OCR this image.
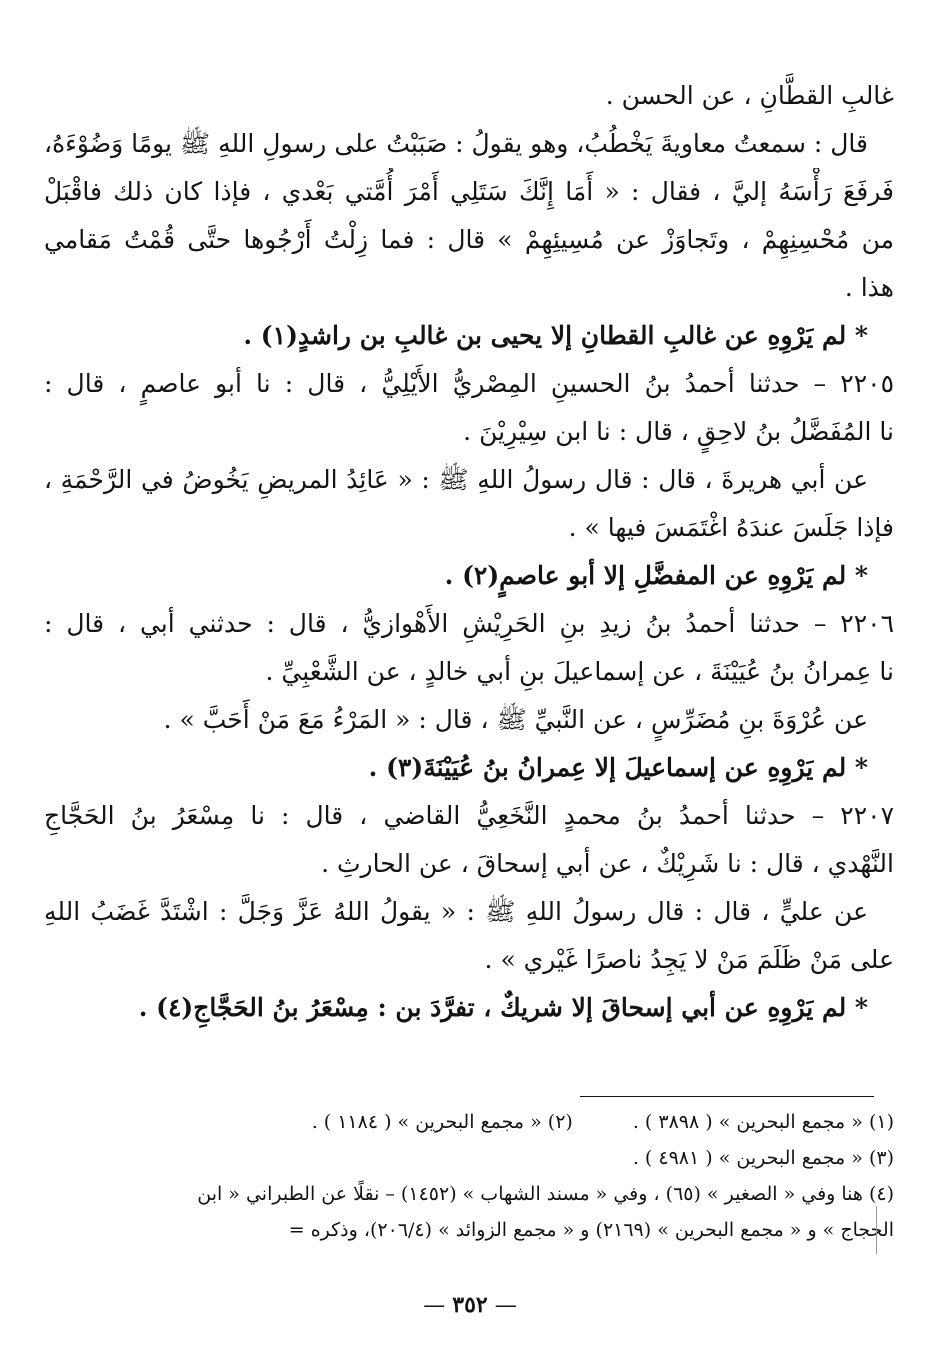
غالبِ القطَّانِ ، عن الحسن .
قال : سمعتُ معاويةَ يَخْطُبُ، وهو يقولُ : صَبَبْتُ على رسولِ اللهِ ﷺ يومًا وَضُوْءَهُ،
فَرفَعَ رَأْسَهُ إليَّ ، فقال : « أَمَا إِنَّكَ سَتَلِي أَمْرَ أُمَّتي بَعْدي ، فإذا كان ذلك فاقْبَلْ
من مُحْسِنِهِمْ ، وتَجاوَزْ عن مُسِيئِهِمْ » قال : فما زِلْتُ أَرْجُوها حتَّى قُمْتُ مَقامي
هذا .
* لم يَرْوِهِ عن غالبِ القطانِ إلا يحيى بن غالبِ بن راشدٍ(١) .
٢٢٠٥ – حدثنا أحمدُ بنُ الحسينِ المِصْريُّ الأَيْلِيُّ ، قال : نا أبو عاصمٍ ، قال :
نا المُفَضَّلُ بنُ لاحِقٍ ، قال : نا ابن سِيْرِيْنَ .
عن أبي هريرةَ ، قال : قال رسولُ اللهِ ﷺ : « عَائِدُ المريضِ يَخُوضُ في الرَّحْمَةِ ،
فإذا جَلَسَ عندَهُ اغْتَمَسَ فيها » .
* لم يَرْوِهِ عن المفضَّلِ إلا أبو عاصمٍ(٢) .
٢٢٠٦ – حدثنا أحمدُ بنُ زيدِ بنِ الحَرِيْشِ الأَهْوازيُّ ، قال : حدثني أبي ، قال :
نا عِمرانُ بنُ عُيَيْنَةَ ، عن إسماعيلَ بنِ أبي خالدٍ ، عن الشَّعْبِيِّ .
عن عُرْوَةَ بنِ مُضَرِّسٍ ، عن النَّبيِّ ﷺ ، قال : « المَرْءُ مَعَ مَنْ أَحَبَّ » .
* لم يَرْوِهِ عن إسماعيلَ إلا عِمرانُ بنُ عُيَيْنَةَ(٣) .
٢٢٠٧ – حدثنا أحمدُ بنُ محمدٍ النَّخَعِيُّ القاضي ، قال : نا مِسْعَرُ بنُ الحَجَّاجِ
النَّهْدي ، قال : نا شَرِيْكٌ ، عن أبي إسحاقَ ، عن الحارثِ .
عن عليٍّ ، قال : قال رسولُ اللهِ ﷺ : « يقولُ اللهُ عَزَّ وَجَلَّ : اشْتَدَّ غَضَبُ اللهِ
على مَنْ ظَلَمَ مَنْ لا يَجِدُ ناصرًا غَيْري » .
* لم يَرْوِهِ عن أبي إسحاقَ إلا شريكٌ ، تفرَّدَ بن : مِسْعَرُ بنُ الحَجَّاجِ(٤) .
(١) « مجمع البحرين » ( ٣٨٩٨ ) .
(٢) « مجمع البحرين » ( ١١٨٤ ) .
(٣) « مجمع البحرين » ( ٤٩٨١ ) .
(٤) هنا وفي « الصغير » (٦٥) ، وفي « مسند الشهاب » (١٤٥٢) – نقلًا عن الطبراني « ابن
الحجاج » و « مجمع البحرين » (٢١٦٩) و « مجمع الزوائد » (٢٠٦/٤)، وذكره =
— ٣٥٢ —
